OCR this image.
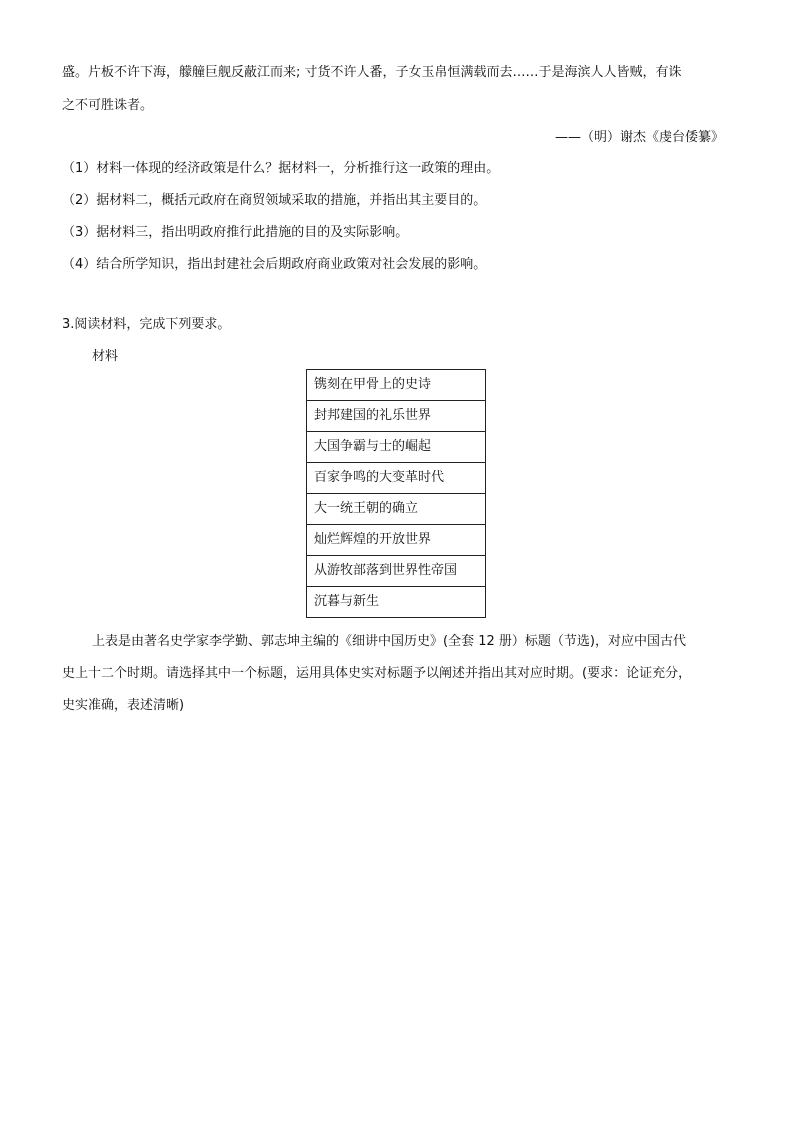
盛。片板不许下海，艨艟巨舰反蔽江而来; 寸货不许人番，子女玉帛恒满载而去……于是海滨人人皆贼，有诛
之不可胜诛者。
——（明）谢杰《虔台倭纂》
（1）材料一体现的经济政策是什么？据材料一，分析推行这一政策的理由。
（2）据材料二，概括元政府在商贸领域采取的措施，并指出其主要目的。
（3）据材料三，指出明政府推行此措施的目的及实际影响。
（4）结合所学知识，指出封建社会后期政府商业政策对社会发展的影响。
3.阅读材料，完成下列要求。
材料
镌刻在甲骨上的史诗
封邦建国的礼乐世界
大国争霸与士的崛起
百家争鸣的大变革时代
大一统王朝的确立
灿烂辉煌的开放世界
从游牧部落到世界性帝国
沉暮与新生
上表是由著名史学家李学勤、郭志坤主编的《细讲中国历史》(全套 12 册）标题（节选)，对应中国古代
史上十二个时期。请选择其中一个标题，运用具体史实对标题予以阐述并指出其对应时期。(要求：论证充分，
史实准确，表述清晰)
